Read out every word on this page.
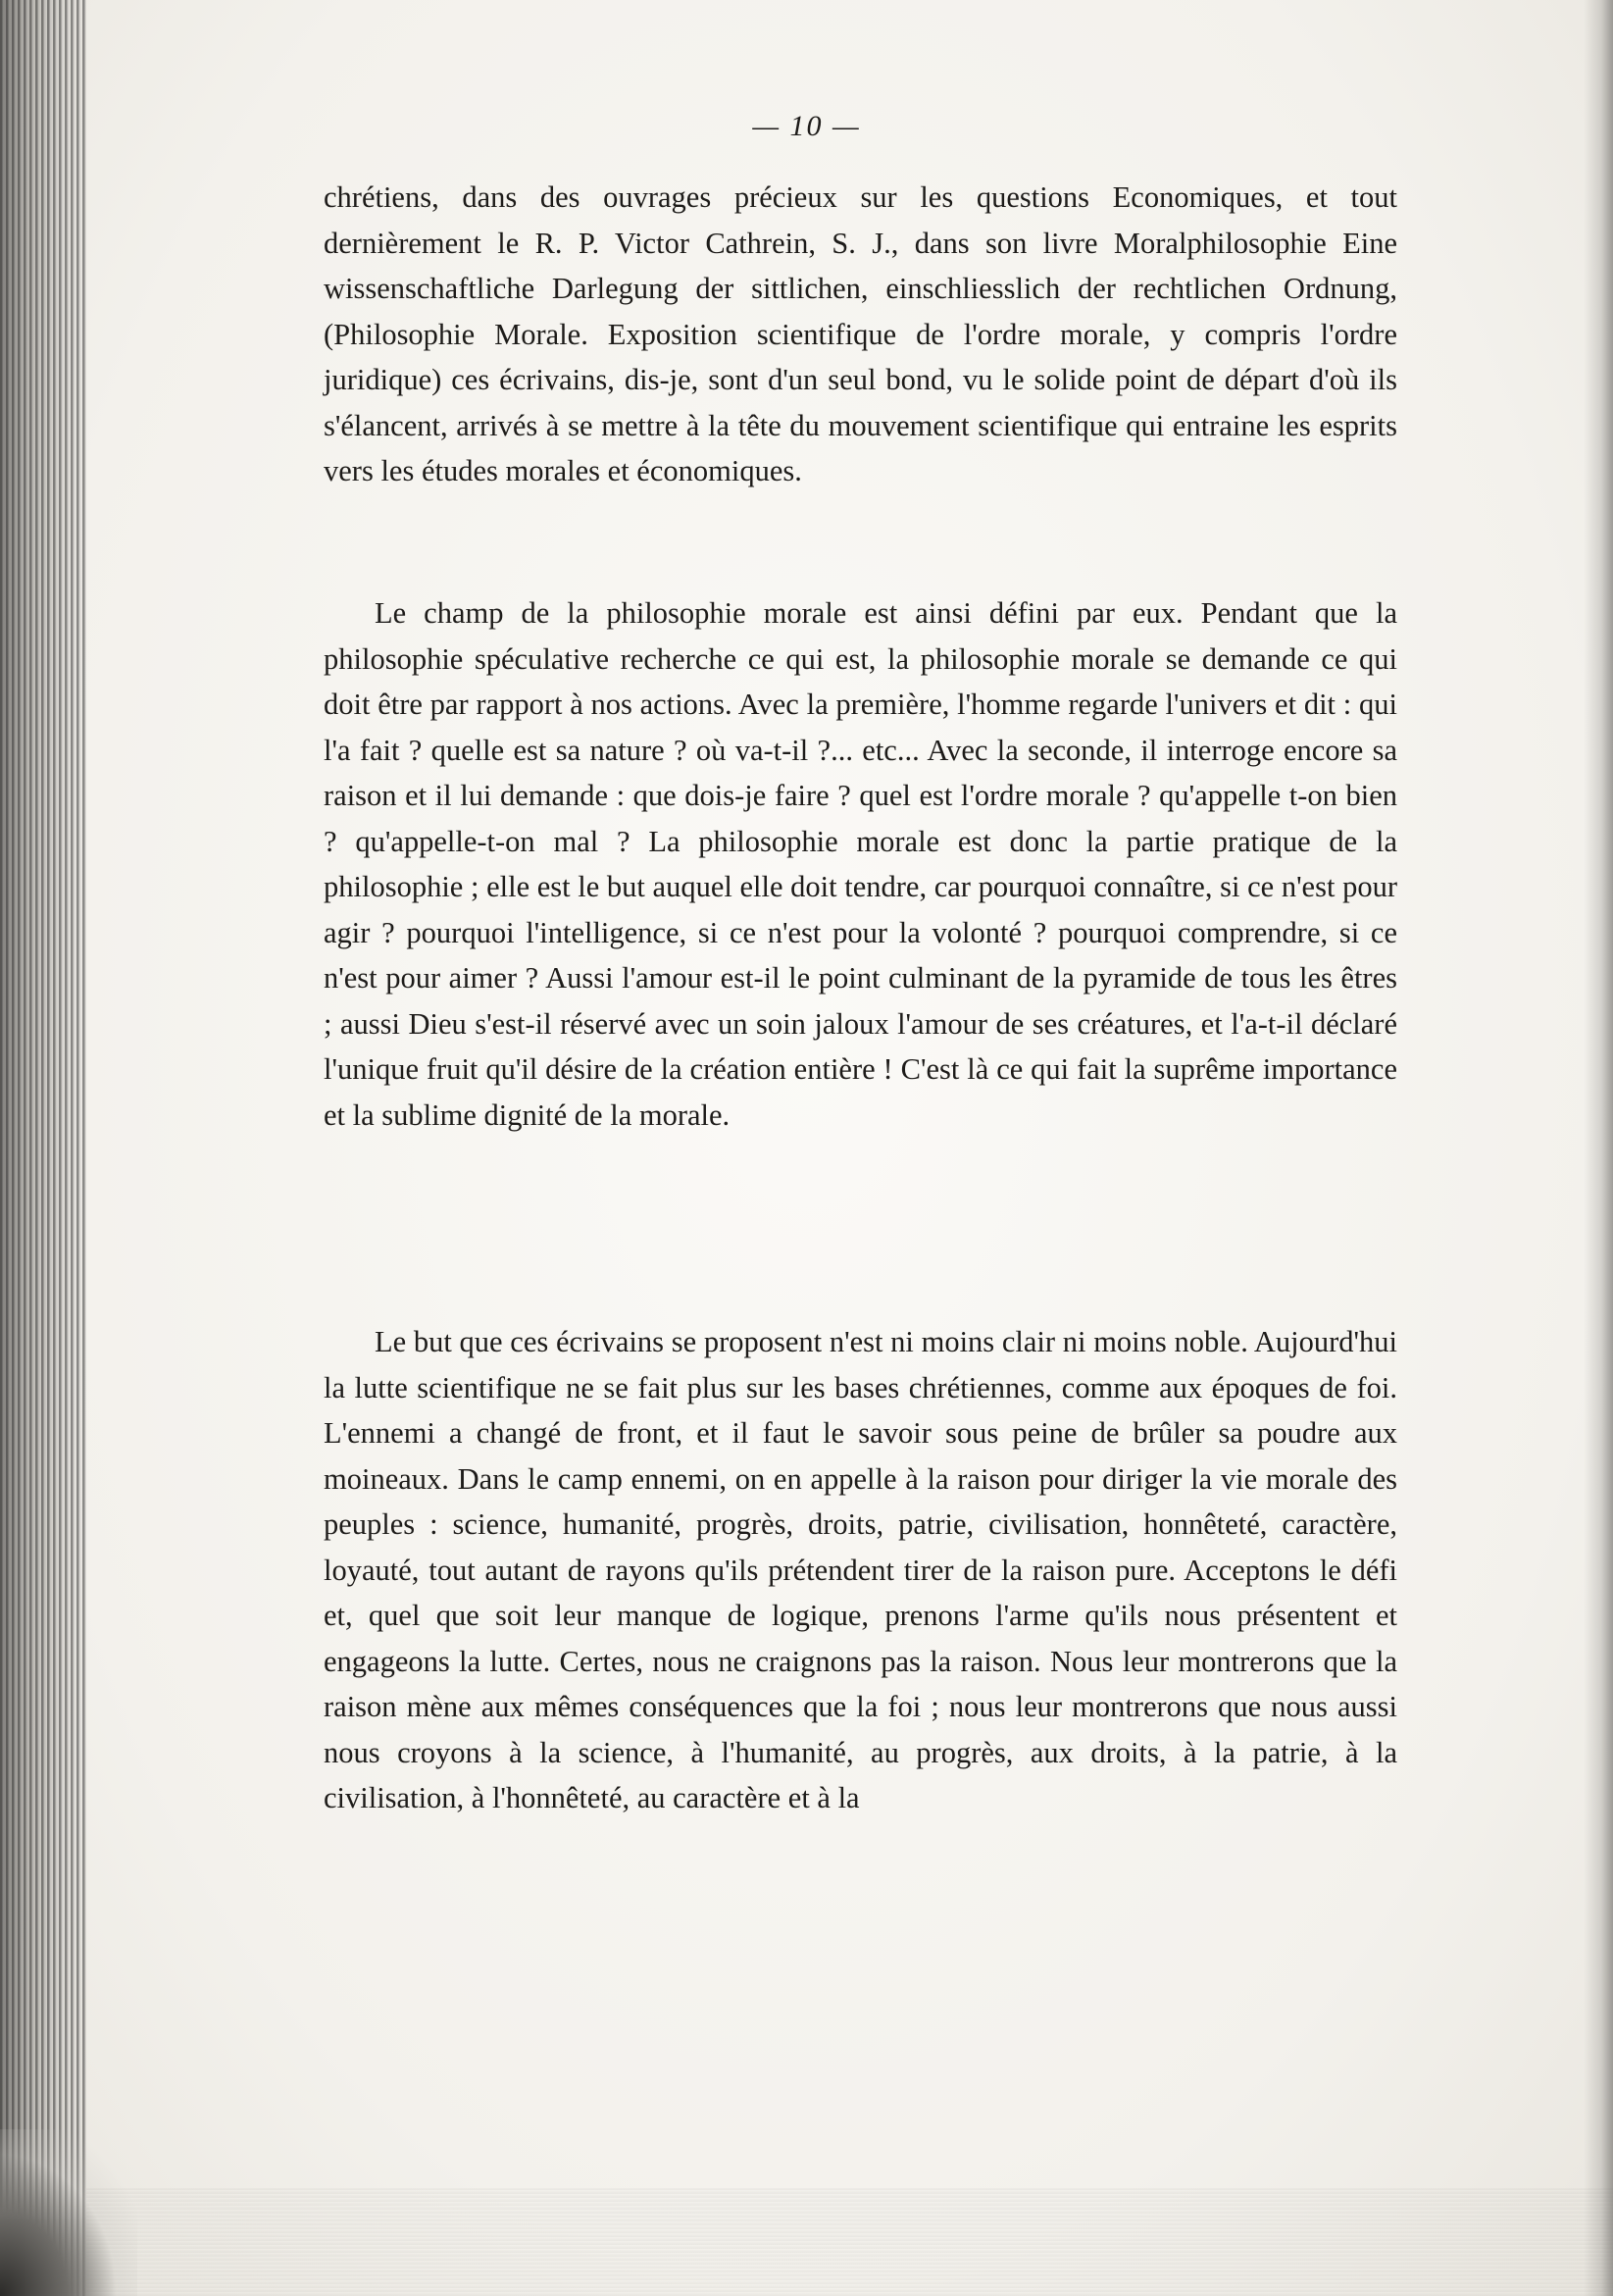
— 10 —

chrétiens, dans des ouvrages précieux sur les questions Economiques, et tout dernièrement le R. P. Victor Cathrein, S. J., dans son livre Moralphilosophie Eine wissenschaftliche Darlegung der sittlichen, einschliesslich der rechtlichen Ordnung, (Philosophie Morale. Exposition scientifique de l'ordre morale, y compris l'ordre juridique) ces écrivains, dis-je, sont d'un seul bond, vu le solide point de départ d'où ils s'élancent, arrivés à se mettre à la tête du mouvement scientifique qui entraine les esprits vers les études morales et économiques.

Le champ de la philosophie morale est ainsi défini par eux. Pendant que la philosophie spéculative recherche ce qui est, la philosophie morale se demande ce qui doit être par rapport à nos actions. Avec la première, l'homme regarde l'univers et dit : qui l'a fait ? quelle est sa nature ? où va-t-il ?... etc... Avec la seconde, il interroge encore sa raison et il lui demande : que dois-je faire ? quel est l'ordre morale ? qu'appelle t-on bien ? qu'appelle-t-on mal ? La philosophie morale est donc la partie pratique de la philosophie ; elle est le but auquel elle doit tendre, car pourquoi connaître, si ce n'est pour agir ? pourquoi l'intelligence, si ce n'est pour la volonté ? pourquoi comprendre, si ce n'est pour aimer ? Aussi l'amour est-il le point culminant de la pyramide de tous les êtres ; aussi Dieu s'est-il réservé avec un soin jaloux l'amour de ses créatures, et l'a-t-il déclaré l'unique fruit qu'il désire de la création entière ! C'est là ce qui fait la suprême importance et la sublime dignité de la morale.

Le but que ces écrivains se proposent n'est ni moins clair ni moins noble. Aujourd'hui la lutte scientifique ne se fait plus sur les bases chrétiennes, comme aux époques de foi. L'ennemi a changé de front, et il faut le savoir sous peine de brûler sa poudre aux moineaux. Dans le camp ennemi, on en appelle à la raison pour diriger la vie morale des peuples : science, humanité, progrès, droits, patrie, civilisation, honnêteté, caractère, loyauté, tout autant de rayons qu'ils prétendent tirer de la raison pure. Acceptons le défi et, quel que soit leur manque de logique, prenons l'arme qu'ils nous présentent et engageons la lutte. Certes, nous ne craignons pas la raison. Nous leur montrerons que la raison mène aux mêmes conséquences que la foi ; nous leur montrerons que nous aussi nous croyons à la science, à l'humanité, au progrès, aux droits, à la patrie, à la civilisation, à l'honnêteté, au caractère et à la
